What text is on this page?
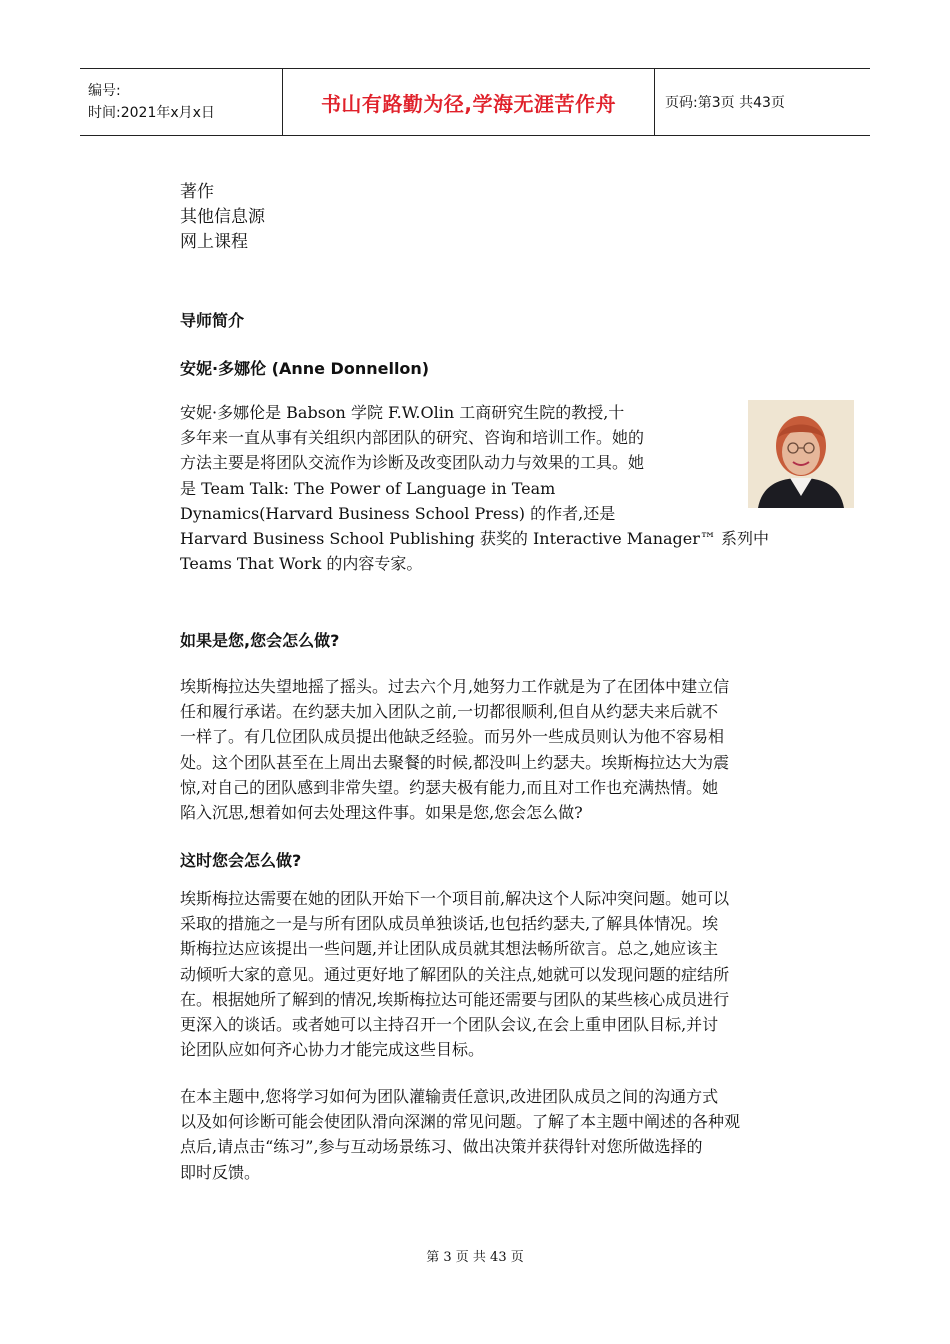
编号:
时间:2021年x月x日	书山有路勤为径,学海无涯苦作舟	页码:第3页 共43页
著作
其他信息源
网上课程
导师简介
安妮·多娜伦 (Anne Donnellon)
安妮·多娜伦是 Babson 学院 F.W.Olin 工商研究生院的教授,十
多年来一直从事有关组织内部团队的研究、咨询和培训工作。她的
方法主要是将团队交流作为诊断及改变团队动力与效果的工具。她
是 Team Talk: The Power of Language in Team
Dynamics(Harvard Business School Press) 的作者,还是
Harvard Business School Publishing 获奖的 Interactive Manager™ 系列中
Teams That Work 的内容专家。
如果是您,您会怎么做?
埃斯梅拉达失望地摇了摇头。过去六个月,她努力工作就是为了在团体中建立信
任和履行承诺。在约瑟夫加入团队之前,一切都很顺利,但自从约瑟夫来后就不
一样了。有几位团队成员提出他缺乏经验。而另外一些成员则认为他不容易相
处。这个团队甚至在上周出去聚餐的时候,都没叫上约瑟夫。埃斯梅拉达大为震
惊,对自己的团队感到非常失望。约瑟夫极有能力,而且对工作也充满热情。她
陷入沉思,想着如何去处理这件事。如果是您,您会怎么做?
这时您会怎么做?
埃斯梅拉达需要在她的团队开始下一个项目前,解决这个人际冲突问题。她可以
采取的措施之一是与所有团队成员单独谈话,也包括约瑟夫,了解具体情况。埃
斯梅拉达应该提出一些问题,并让团队成员就其想法畅所欲言。总之,她应该主
动倾听大家的意见。通过更好地了解团队的关注点,她就可以发现问题的症结所
在。根据她所了解到的情况,埃斯梅拉达可能还需要与团队的某些核心成员进行
更深入的谈话。或者她可以主持召开一个团队会议,在会上重申团队目标,并讨
论团队应如何齐心协力才能完成这些目标。
在本主题中,您将学习如何为团队灌输责任意识,改进团队成员之间的沟通方式
以及如何诊断可能会使团队滑向深渊的常见问题。了解了本主题中阐述的各种观
点后,请点击“练习”,参与互动场景练习、做出决策并获得针对您所做选择的
即时反馈。
第 3 页 共 43 页
